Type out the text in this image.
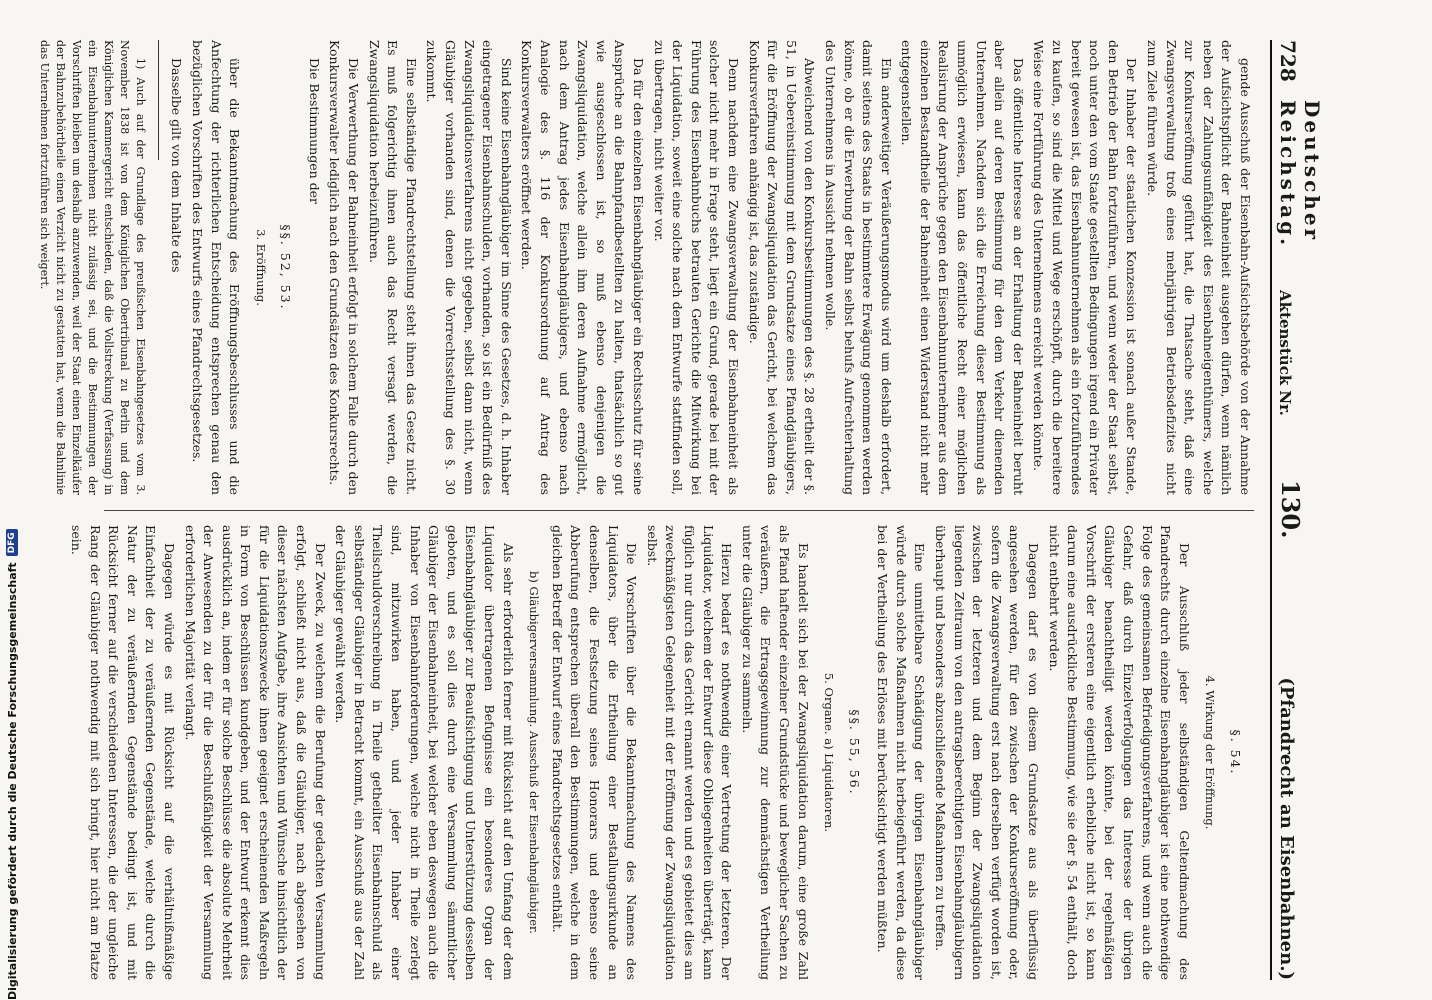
728
Deutscher Reichstag.
Aktenstück Nr.
130.
(Pfandrecht an Eisenbahnen.)

gende Ausschuß der Eisenbahn-Aufsichtsbehörde von der Annahme der Aufsichtspflicht der Bahneinheit ausgehen dürfen, wenn nämlich neben der Zahlungsunfähigkeit des Eisenbahneigenthümers, welche zur Konkurseröffnung geführt hat, die Thatsache steht, daß eine Zwangsverwaltung troß eines mehrjährigen Betriebsdefizites nicht zum Ziele führen würde.

Der Inhaber der staatlichen Konzession ist sonach außer Stande, den Betrieb der Bahn fortzuführen, und wenn weder der Staat selbst, noch unter den vom Staate gestellten Bedingungen irgend ein Privater bereit gewesen ist, das Eisenbahnunternehmen als ein fortzuführendes zu kaufen, so sind die Mittel und Wege erschöpft, durch die bereitere Weise eine Fortführung des Unternehmens erreicht werden könnte.

Das öffentliche Interesse an der Erhaltung der Bahneinheit beruht aber allein auf deren Bestimmung für den dem Verkehr dienenden Unternehmen. Nachdem sich die Erreichung dieser Bestimmung als unmöglich erwiesen, kann das öffentliche Recht einer möglichen Realisirung der Ansprüche gegen den Eisenbahnunternehmer aus dem einzelnen Bestandtheile der Bahneinheit einen Widerstand nicht mehr entgegenstellen.

Ein anderweitiger Veräußerungsmodus wird um deshalb erfordert, damit seitens des Staats in bestimmtere Erwägung genommen werden könne, ob er die Erwerbung der Bahn selbst behufs Aufrechterhaltung des Unternehmens in Aussicht nehmen wolle.

Abweichend von den Konkursbestimmungen des §. 28 ertheilt der §. 51, in Uebereinstimmung mit dem Grundsatze eines Pfandgläubigers, für die Eröffnung der Zwangsliquidation das Gericht, bei welchem das Konkursverfahren anhängig ist, das zuständige.

Denn nachdem eine Zwangsverwaltung der Eisenbahneinheit als solcher nicht mehr in Frage steht, liegt ein Grund, gerade bei mit der Führung des Eisenbahnbuchs betrauten Gerichte die Mitwirkung bei der Liquidation, soweit eine solche nach dem Entwurfe stattfinden soll, zu übertragen, nicht weiter vor.

Da für den einzelnen Eisenbahngläubiger ein Rechtsschutz für seine Ansprüche an die Bahnpfandbestellten zu halten, thatsächlich so gut wie ausgeschlossen ist, so muß ebenso denjenigen die Zwangsliquidation, welche allein ihm deren Aufnahme ermöglicht, nach dem Antrag jedes Eisenbahngläubigers, und ebenso nach Analogie des §. 116 der Konkursordnung auf Antrag des Konkursverwalters eröffnet werden.

Sind keine Eisenbahngläubiger im Sinne des Gesetzes, d. h. Inhaber eingetragener Eisenbahnschulden, vorhanden, so ist ein Bedürfniß des Zwangsliquidationsverfahrens nicht gegeben, selbst dann nicht, wenn Gläubiger vorhanden sind, denen die Vorrechtsstellung des §. 30 zukommt.

Eine selbständige Pfandrechtstellung steht ihnen das Gesetz nicht. Es muß folgerichtig ihnen auch das Recht versagt werden, die Zwangsliquidation herbeizuführen.

Die Verwerthung der Bahneinheit erfolgt in solchem Falle durch den Konkursverwalter lediglich nach den Grundsätzen des Konkursrechts.

Die Bestimmungen der

§§. 52, 53.
3. Eröffnung.

über die Bekanntmachung des Eröffnungsbeschlusses und die Anfechtung der richterlichen Entscheidung entsprechen genau den bezüglichen Vorschriften des Entwurfs eines Pfandrechtsgesetzes.

Dasselbe gilt von dem Inhalte des

1) Auch auf der Grundlage des preußischen Eisenbahngesetzes vom 3. November 1838 ist von dem Königlichen Obertribunal zu Berlin und dem Königlichen Kammergericht entschieden, daß die Vollstreckung (Verfassung) in ein Eisenbahnunternehmen nicht zulässig sei, und die Bestimmungen der Vorschriften bleiben um deshalb anzuwenden, weil der Staat einen Einzelkäufer der Bahnzubehörtheile einen Verzicht nicht zu gestatten hat, wenn die Bahnlinie das Unternehmen fortzuführen sich weigert.

§. 54.
4. Wirkung der Eröffnung.

Der Ausschluß jeder selbständigen Geltendmachung des Pfandrechts durch einzelne Eisenbahngläubiger ist eine nothwendige Folge des gemeinsamen Befriedigungsverfahrens, und wenn auch die Gefahr, daß durch Einzelverfolgungen das Interesse der übrigen Gläubiger benachtheiligt werden könnte, bei der regelmäßigen Vorschrift der ersteren eine eigentlich erhebliche nicht ist, so kann darum eine ausdrückliche Bestimmung, wie sie der §. 54 enthält, doch nicht entbehrt werden.

Dagegen darf es von diesem Grundsatze aus als überflüssig angesehen werden, für den zwischen der Konkurseröffnung oder, sofern die Zwangsverwaltung erst nach derselben verfügt worden ist, zwischen der letzteren und dem Beginn der Zwangsliquidation liegenden Zeitraum von den antragsberechtigten Eisenbahngläubigern überhaupt und besonders abzuschließende Maßnahmen zu treffen.

Eine unmittelbare Schädigung der übrigen Eisenbahngläubiger würde durch solche Maßnahmen nicht herbeigeführt werden, da diese bei der Vertheilung des Erlöses mit berücksichtigt werden müßten.

§§. 55, 56.
5. Organe. a) Liquidatoren.

Es handelt sich bei der Zwangsliquidation darum, eine große Zahl als Pfand haftender einzelner Grundstücke und beweglicher Sachen zu veräußern, die Ertragsgewinnung zur demnächstigen Vertheilung unter die Gläubiger zu sammeln.

Hierzu bedarf es nothwendig einer Vertretung der letzteren. Der Liquidator, welchem der Entwurf diese Obliegenheiten überträgt, kann füglich nur durch das Gericht ernannt werden und es gebietet dies am zweckmäßigsten Gelegenheit mit der Eröffnung der Zwangsliquidation selbst.

Die Vorschriften über die Bekanntmachung des Namens des Liquidators, über die Ertheilung einer Bestallungsurkunde an denselben, die Festsetzung seines Honorars und ebenso seine Abberufung entsprechen überall den Bestimmungen, welche in dem gleichen Betreff der Entwurf eines Pfandrechtsgesetzes enthält.

b) Gläubigerversammlung. Ausschuß der Eisenbahngläubiger.

Als sehr erforderlich ferner mit Rücksicht auf den Umfang der dem Liquidator übertragenen Befugnisse ein besonderes Organ der Eisenbahngläubiger zur Beaufsichtigung und Unterstützung desselben geboten, und es soll dies durch eine Versammlung sämmtlicher Gläubiger der Eisenbahneinheit, bei welcher eben deswegen auch die Inhaber von Eisenbahnforderungen, welche nicht in Theile zerlegt sind, mitzuwirken haben, und jeder Inhaber einer Theilschuldverschreibung in Theile getheilter Eisenbahnschuld als selbständiger Gläubiger in Betracht kommt, ein Ausschuß aus der Zahl der Gläubiger gewählt werden.

Der Zweck, zu welchem die Berufung der gedachten Versammlung erfolgt, schließt nicht aus, daß die Gläubiger, nach abgesehen von dieser nächsten Aufgabe, ihre Ansichten und Wünsche hinsichtlich der für die Liquidationszwecke ihnen geeignet erscheinenden Maßregeln in Form von Beschlüssen kundgeben, und der Entwurf erkennt dies ausdrücklich an, indem er für solche Beschlüsse die absolute Mehrheit der Anwesenden zu der für die Beschlußfähigkeit der Versammlung erforderlichen Majorität verlangt.

Dagegen würde es mit Rücksicht auf die verhältnißmäßige Einfachheit der zu veräußernden Gegenstände, welche durch die Natur der zu veräußernden Gegenstände bedingt ist, und mit Rücksicht ferner auf die verschiedenen Interessen, die der ungleiche Rang der Gläubiger nothwendig mit sich bringt, hier nicht am Platze sein.

Digitalisierung gefördert durch die Deutsche Forschungsgemeinschaft
DFG
